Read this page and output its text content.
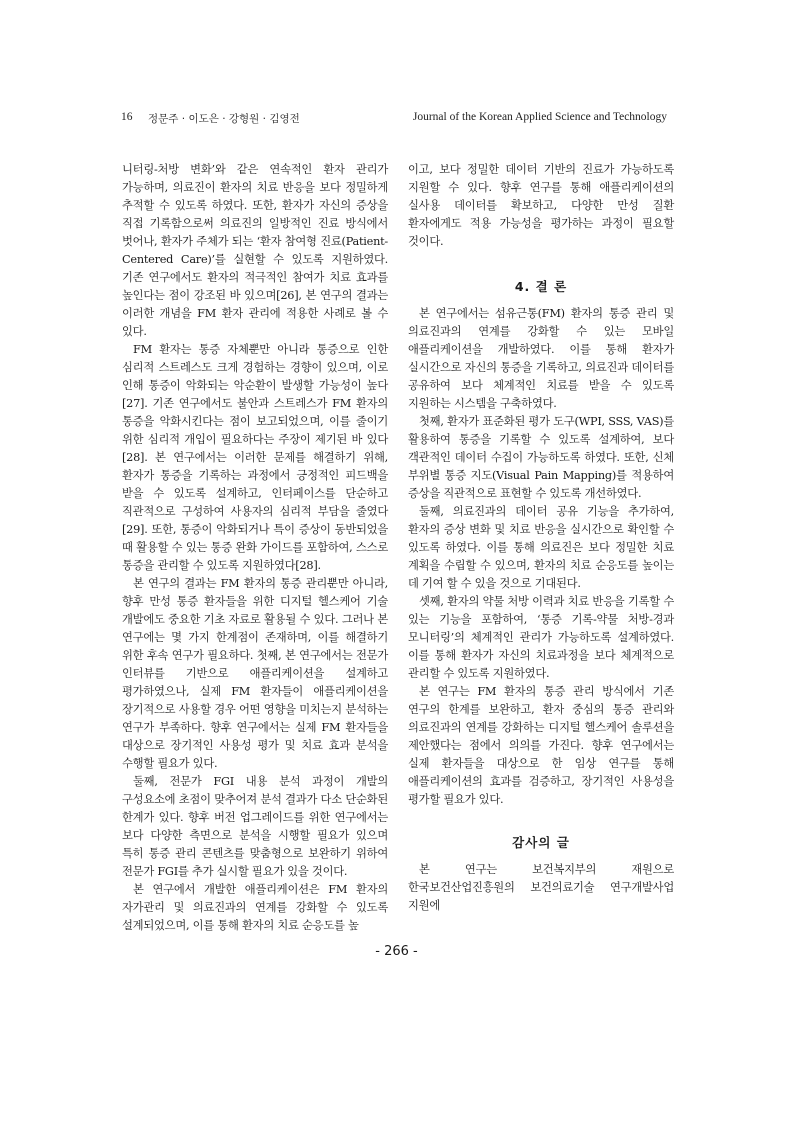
16 정문주 · 이도은 · 강형원 · 김영전	Journal of the Korean Applied Science and Technology

니터링-처방 변화’와 같은 연속적인 환자 관리가 가능하며, 의료진이 환자의 치료 반응을 보다 정밀하게 추적할 수 있도록 하였다. 또한, 환자가 자신의 증상을 직접 기록함으로써 의료진의 일방적인 진료 방식에서 벗어나, 환자가 주체가 되는 ‘환자 참여형 진료(Patient-Centered Care)’를 실현할 수 있도록 지원하였다. 기존 연구에서도 환자의 적극적인 참여가 치료 효과를 높인다는 점이 강조된 바 있으며[26], 본 연구의 결과는 이러한 개념을 FM 환자 관리에 적용한 사례로 볼 수 있다.

FM 환자는 통증 자체뿐만 아니라 통증으로 인한 심리적 스트레스도 크게 경험하는 경향이 있으며, 이로 인해 통증이 악화되는 악순환이 발생할 가능성이 높다[27]. 기존 연구에서도 불안과 스트레스가 FM 환자의 통증을 악화시킨다는 점이 보고되었으며, 이를 줄이기 위한 심리적 개입이 필요하다는 주장이 제기된 바 있다[28]. 본 연구에서는 이러한 문제를 해결하기 위해, 환자가 통증을 기록하는 과정에서 긍정적인 피드백을 받을 수 있도록 설계하고, 인터페이스를 단순하고 직관적으로 구성하여 사용자의 심리적 부담을 줄였다[29]. 또한, 통증이 악화되거나 특이 증상이 동반되었을 때 활용할 수 있는 통증 완화 가이드를 포함하여, 스스로 통증을 관리할 수 있도록 지원하였다[28].

본 연구의 결과는 FM 환자의 통증 관리뿐만 아니라, 향후 만성 통증 환자들을 위한 디지털 헬스케어 기술 개발에도 중요한 기초 자료로 활용될 수 있다. 그러나 본 연구에는 몇 가지 한계점이 존재하며, 이를 해결하기 위한 후속 연구가 필요하다. 첫째, 본 연구에서는 전문가 인터뷰를 기반으로 애플리케이션을 설계하고 평가하였으나, 실제 FM 환자들이 애플리케이션을 장기적으로 사용할 경우 어떤 영향을 미치는지 분석하는 연구가 부족하다. 향후 연구에서는 실제 FM 환자들을 대상으로 장기적인 사용성 평가 및 치료 효과 분석을 수행할 필요가 있다.

둘째, 전문가 FGI 내용 분석 과정이 개발의 구성요소에 초점이 맞추어져 분석 결과가 다소 단순화된 한계가 있다. 향후 버전 업그레이드를 위한 연구에서는 보다 다양한 측면으로 분석을 시행할 필요가 있으며 특히 통증 관리 콘텐츠를 맞춤형으로 보완하기 위하여 전문가 FGI를 추가 실시할 필요가 있을 것이다.

본 연구에서 개발한 애플리케이션은 FM 환자의 자가관리 및 의료진과의 연계를 강화할 수 있도록 설계되었으며, 이를 통해 환자의 치료 순응도를 높

이고, 보다 정밀한 데이터 기반의 진료가 가능하도록 지원할 수 있다. 향후 연구를 통해 애플리케이션의 실사용 데이터를 확보하고, 다양한 만성 질환 환자에게도 적용 가능성을 평가하는 과정이 필요할 것이다.

4. 결 론

본 연구에서는 섬유근통(FM) 환자의 통증 관리 및 의료진과의 연계를 강화할 수 있는 모바일 애플리케이션을 개발하였다. 이를 통해 환자가 실시간으로 자신의 통증을 기록하고, 의료진과 데이터를 공유하여 보다 체계적인 치료를 받을 수 있도록 지원하는 시스템을 구축하였다.

첫째, 환자가 표준화된 평가 도구(WPI, SSS, VAS)를 활용하여 통증을 기록할 수 있도록 설계하여, 보다 객관적인 데이터 수집이 가능하도록 하였다. 또한, 신체 부위별 통증 지도(Visual Pain Mapping)를 적용하여 증상을 직관적으로 표현할 수 있도록 개선하였다.

둘째, 의료진과의 데이터 공유 기능을 추가하여, 환자의 증상 변화 및 치료 반응을 실시간으로 확인할 수 있도록 하였다. 이를 통해 의료진은 보다 정밀한 치료 계획을 수립할 수 있으며, 환자의 치료 순응도를 높이는 데 기여 할 수 있을 것으로 기대된다.

셋째, 환자의 약물 처방 이력과 치료 반응을 기록할 수 있는 기능을 포함하여, ‘통증 기록-약물 처방-경과 모니터링’의 체계적인 관리가 가능하도록 설계하였다. 이를 통해 환자가 자신의 치료과정을 보다 체계적으로 관리할 수 있도록 지원하였다.

본 연구는 FM 환자의 통증 관리 방식에서 기존 연구의 한계를 보완하고, 환자 중심의 통증 관리와 의료진과의 연계를 강화하는 디지털 헬스케어 솔루션을 제안했다는 점에서 의의를 가진다. 향후 연구에서는 실제 환자들을 대상으로 한 임상 연구를 통해 애플리케이션의 효과를 검증하고, 장기적인 사용성을 평가할 필요가 있다.

감사의 글

본 연구는 보건복지부의 재원으로 한국보건산업진흥원의 보건의료기술 연구개발사업 지원에

- 266 -
